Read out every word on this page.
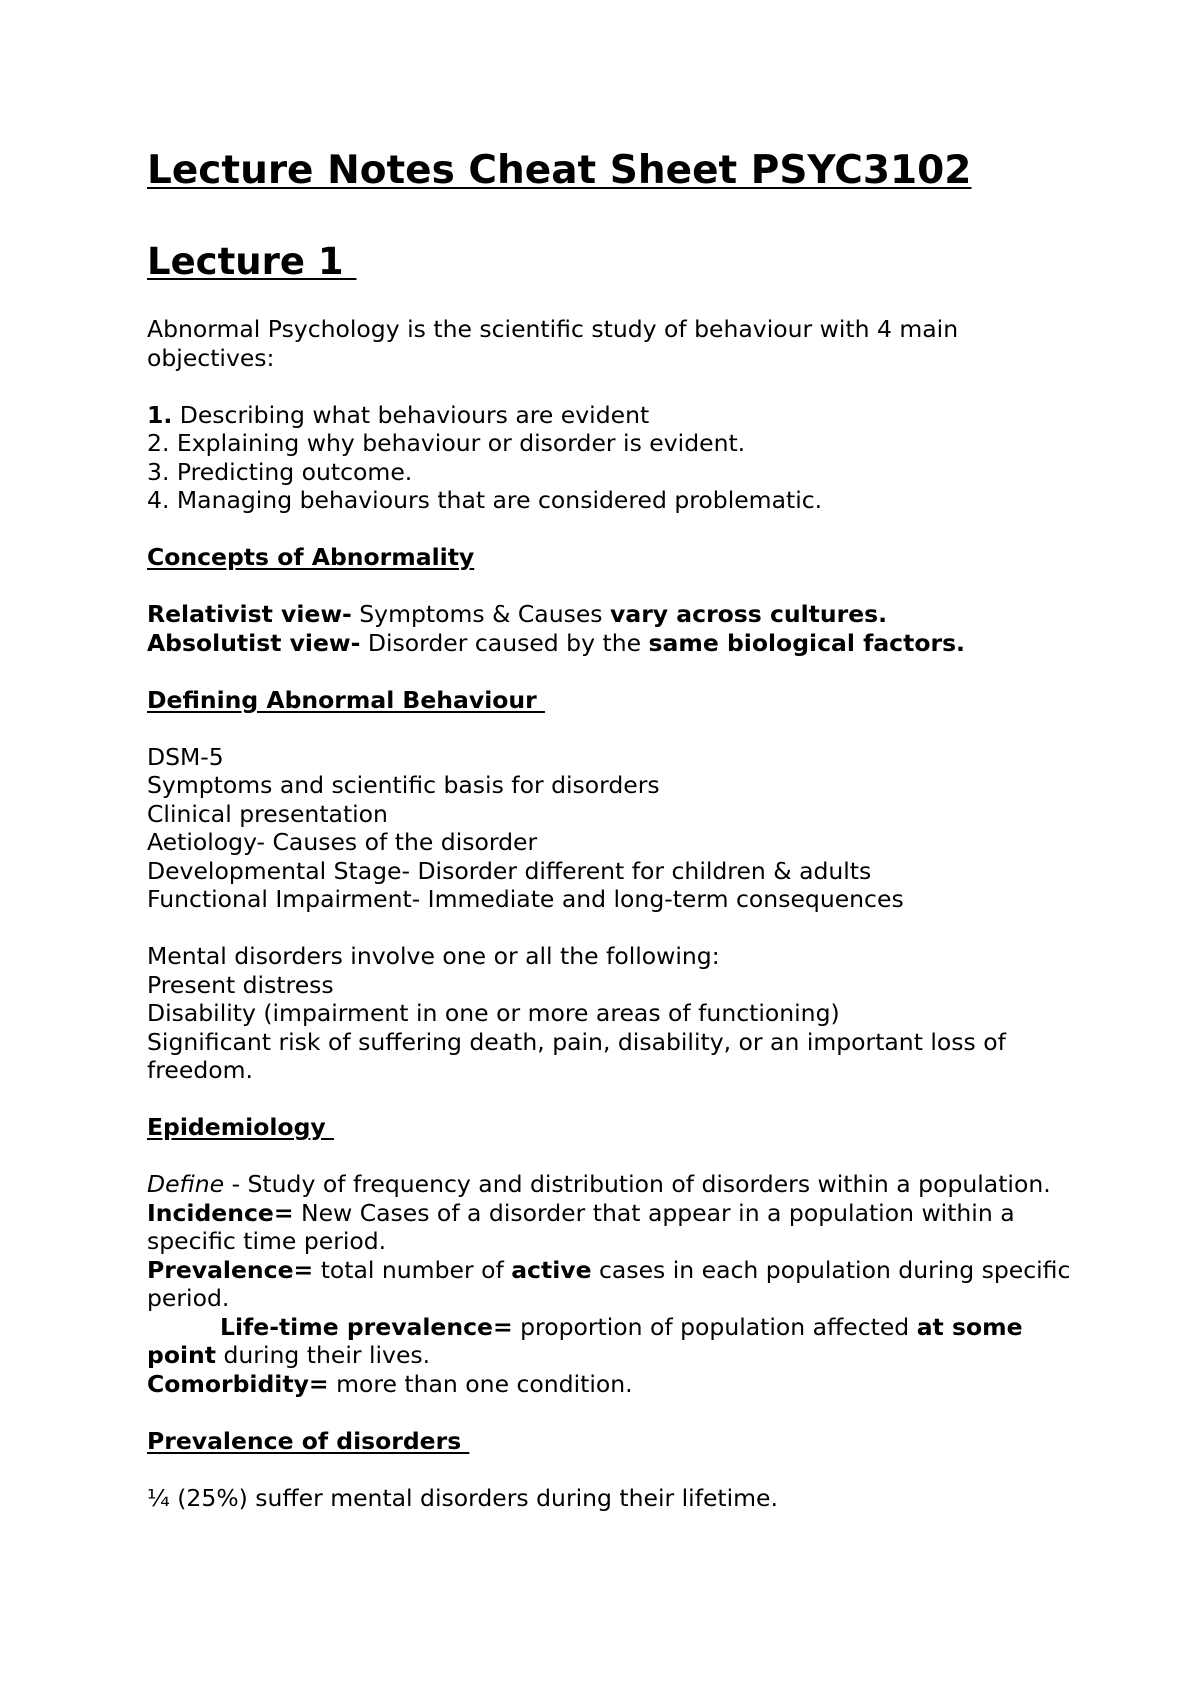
Lecture Notes Cheat Sheet PSYC3102
Lecture 1

Abnormal Psychology is the scientific study of behaviour with 4 main objectives:

1. Describing what behaviours are evident

2. Explaining why behaviour or disorder is evident.

3. Predicting outcome.

4. Managing behaviours that are considered problematic.

Concepts of Abnormality

Relativist view- Symptoms & Causes vary across cultures.

Absolutist view- Disorder caused by the same biological factors.

Defining Abnormal Behaviour

DSM-5

Symptoms and scientific basis for disorders

Clinical presentation

Aetiology- Causes of the disorder

Developmental Stage- Disorder different for children & adults

Functional Impairment- Immediate and long-term consequences

Mental disorders involve one or all the following:

Present distress

Disability (impairment in one or more areas of functioning)

Significant risk of suffering death, pain, disability, or an important loss of freedom.

Epidemiology

Define - Study of frequency and distribution of disorders within a population.

Incidence= New Cases of a disorder that appear in a population within a specific time period.

Prevalence= total number of active cases in each population during specific period.

Life-time prevalence= proportion of population affected at some point during their lives.

Comorbidity= more than one condition.

Prevalence of disorders

¼ (25%) suffer mental disorders during their lifetime.
